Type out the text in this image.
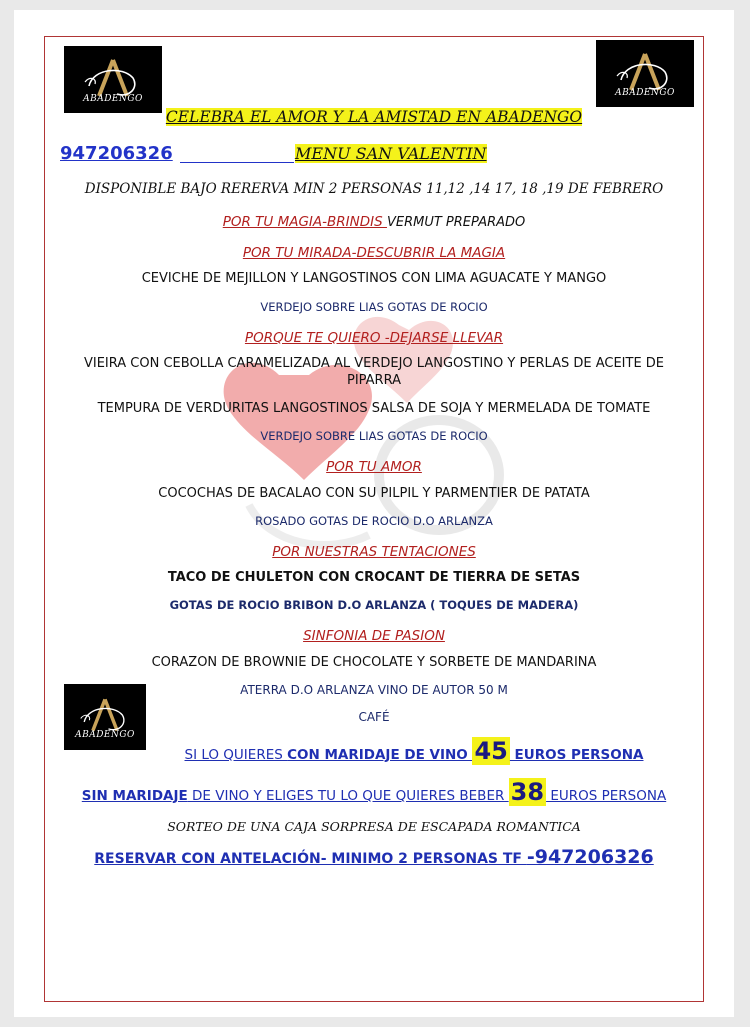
ABADENGO
ABADENGO
ABADENGO
CELEBRA EL AMOR Y LA AMISTAD EN ABADENGO
947206326	MENU SAN VALENTIN
DISPONIBLE BAJO RERERVA MIN 2 PERSONAS 11,12 ,14 17, 18 ,19 DE FEBRERO
POR TU MAGIA-BRINDIS VERMUT PREPARADO
POR TU MIRADA-DESCUBRIR LA MAGIA
CEVICHE DE MEJILLON Y LANGOSTINOS CON LIMA AGUACATE Y MANGO
VERDEJO SOBRE LIAS GOTAS DE ROCIO
PORQUE TE QUIERO -DEJARSE LLEVAR
VIEIRA CON CEBOLLA CARAMELIZADA AL VERDEJO LANGOSTINO Y PERLAS DE ACEITE DE
PIPARRA
TEMPURA DE VERDURITAS LANGOSTINOS SALSA DE SOJA Y MERMELADA DE TOMATE
VERDEJO SOBRE LIAS GOTAS DE ROCIO
POR TU AMOR
COCOCHAS DE BACALAO CON SU PILPIL Y PARMENTIER DE PATATA
ROSADO GOTAS DE ROCIO D.O ARLANZA
POR NUESTRAS TENTACIONES
TACO DE CHULETON CON CROCANT DE TIERRA DE SETAS
GOTAS DE ROCIO BRIBON D.O ARLANZA ( TOQUES DE MADERA)
SINFONIA DE PASION
CORAZON DE BROWNIE DE CHOCOLATE Y SORBETE DE MANDARINA
ATERRA D.O ARLANZA VINO DE AUTOR 50 M
CAFÉ
SI LO QUIERES CON MARIDAJE DE VINO 45 EUROS PERSONA
SIN MARIDAJE DE VINO Y ELIGES TU LO QUE QUIERES BEBER 38 EUROS PERSONA
SORTEO DE UNA CAJA SORPRESA DE ESCAPADA ROMANTICA
RESERVAR CON ANTELACIÓN- MINIMO 2 PERSONAS TF -947206326
